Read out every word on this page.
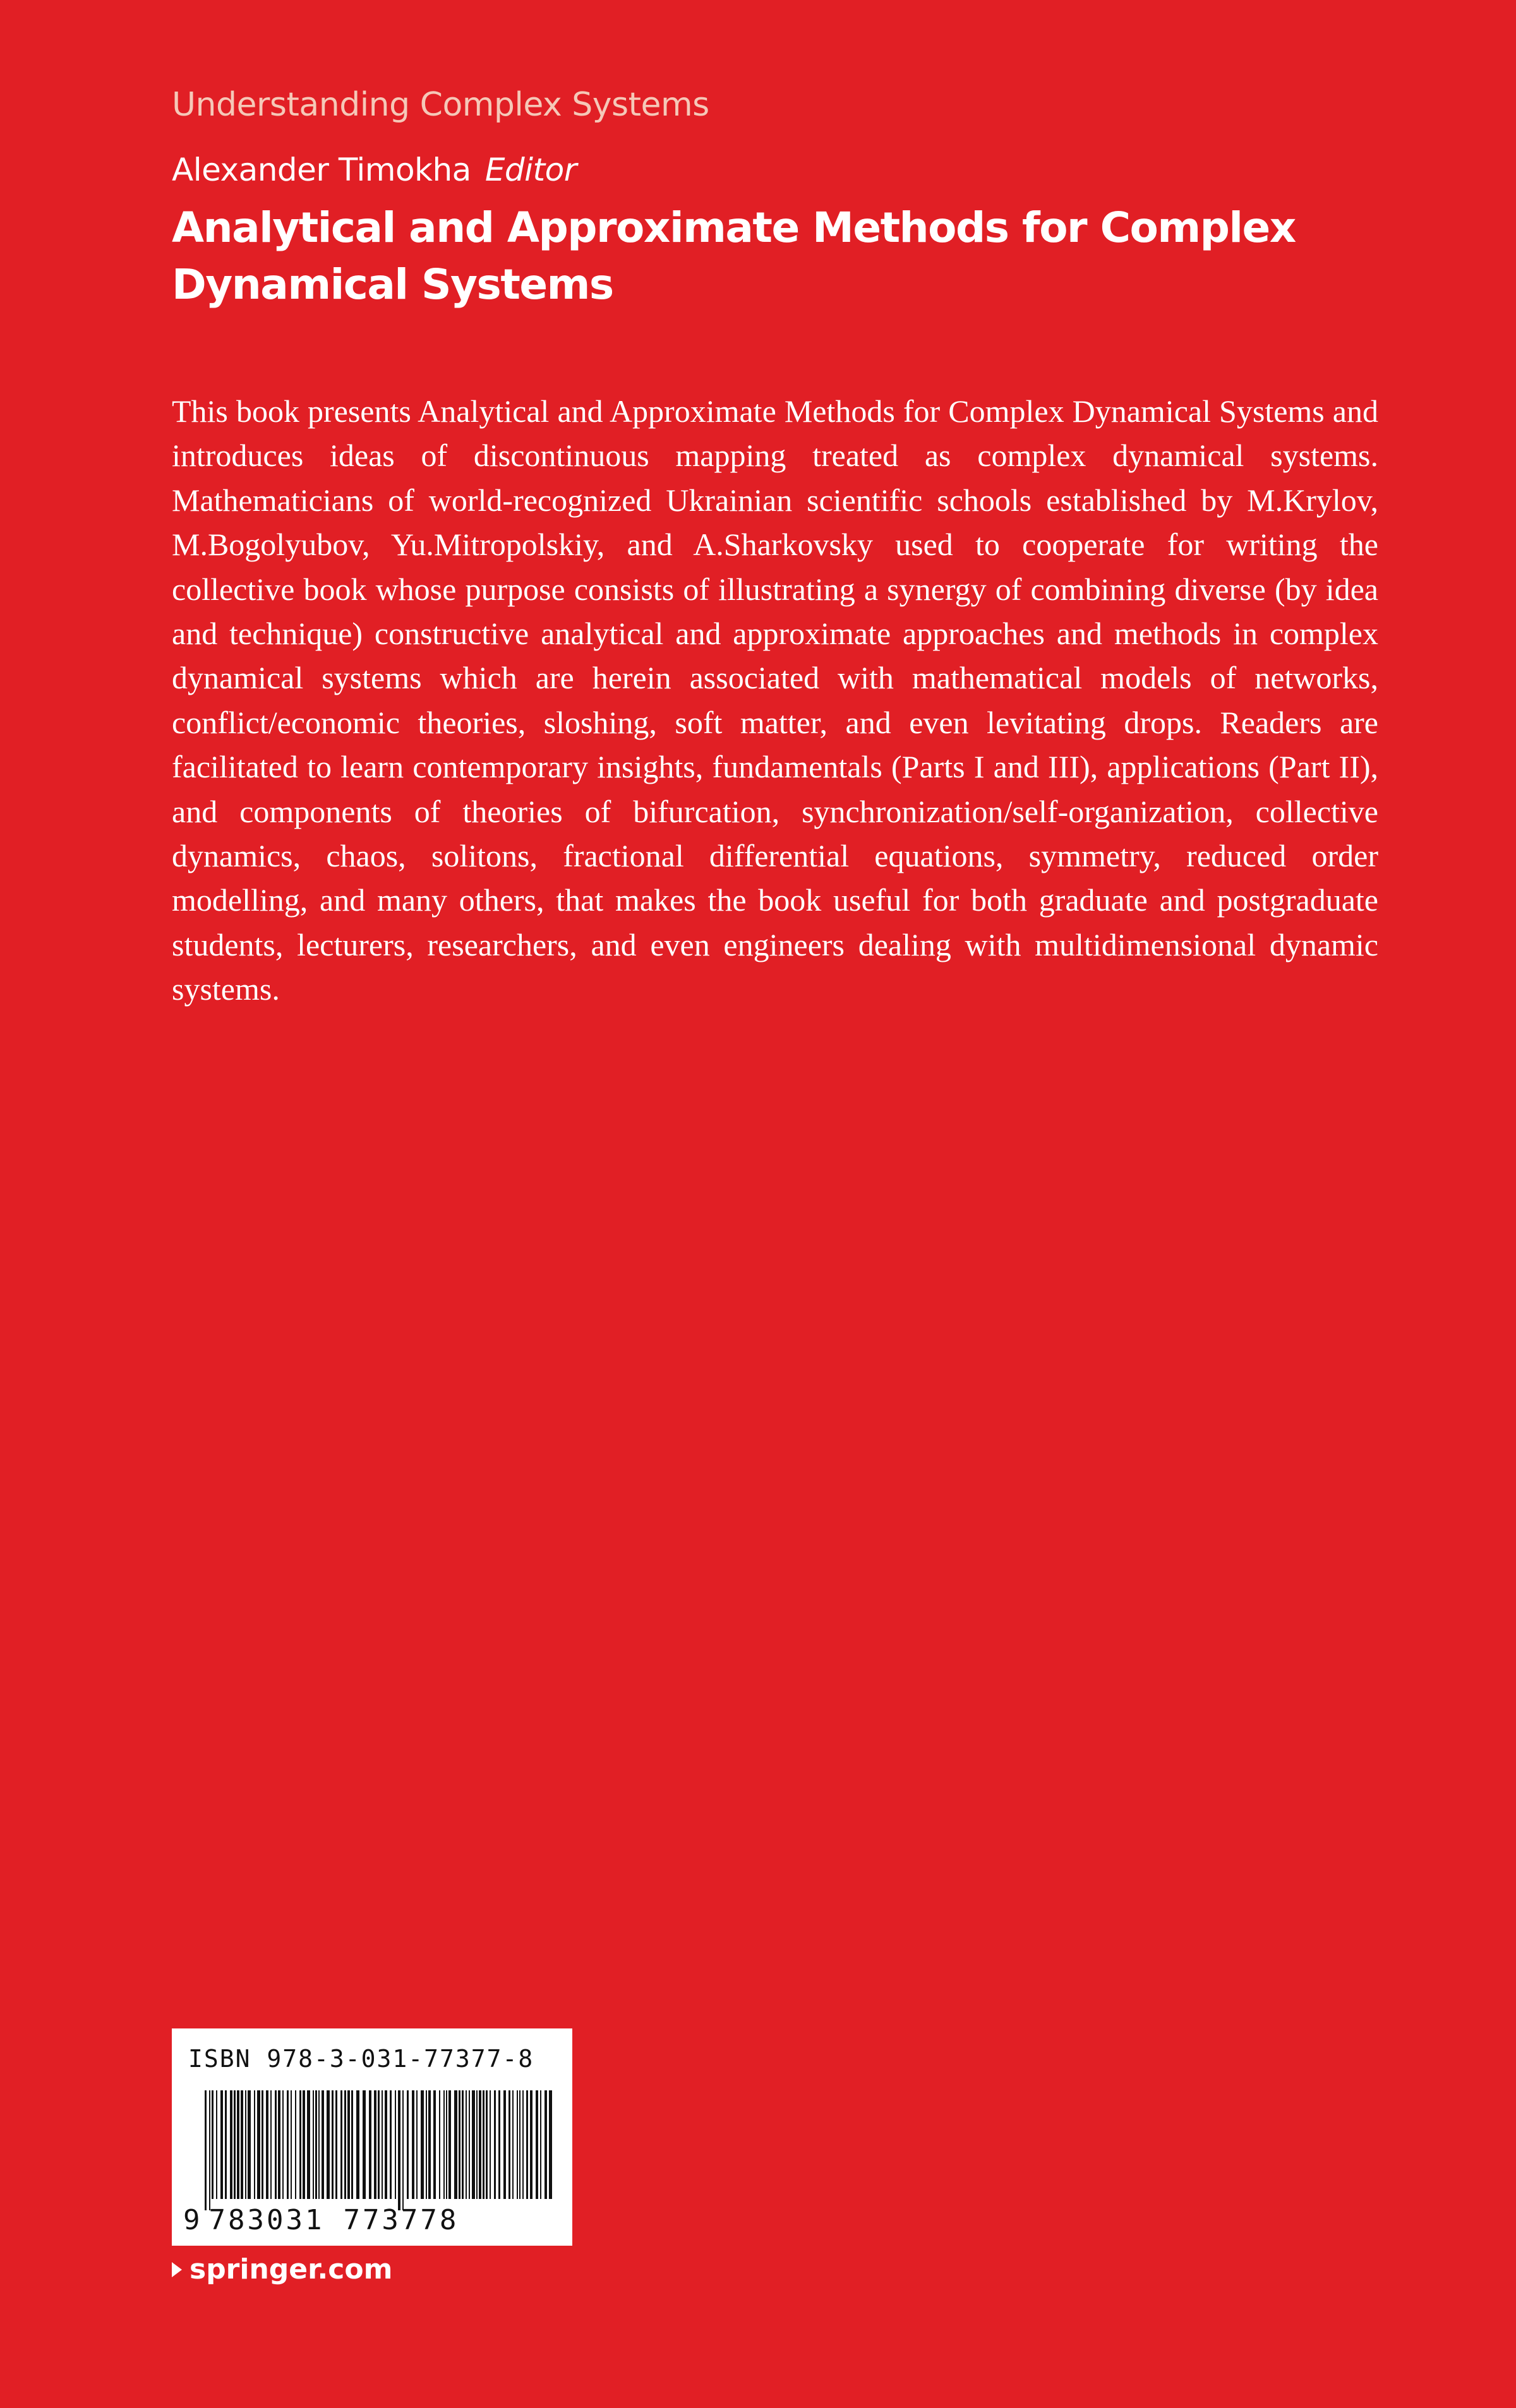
Understanding Complex Systems
Alexander Timokha Editor
Analytical and Approximate Methods for Complex Dynamical Systems

This book presents Analytical and Approximate Methods for Complex Dynamical Systems and introduces ideas of discontinuous mapping treated as complex dynamical systems. Mathematicians of world-recognized Ukrainian scientific schools established by M.Krylov, M.Bogolyubov, Yu.Mitropolskiy, and A.Sharkovsky used to cooperate for writing the collective book whose purpose consists of illustrating a synergy of combining diverse (by idea and technique) constructive analytical and approximate approaches and methods in complex dynamical systems which are herein associated with mathematical models of networks, conflict/economic theories, sloshing, soft matter, and even levitating drops. Readers are facilitated to learn contemporary insights, fundamentals (Parts I and III), applications (Part II), and components of theories of bifurcation, synchronization/self-organization, collective dynamics, chaos, solitons, fractional differential equations, symmetry, reduced order modelling, and many others, that makes the book useful for both graduate and postgraduate students, lecturers, researchers, and even engineers dealing with multidimensional dynamic systems.

ISBN 978-3-031-77377-8
9 783031 773778
springer.com
